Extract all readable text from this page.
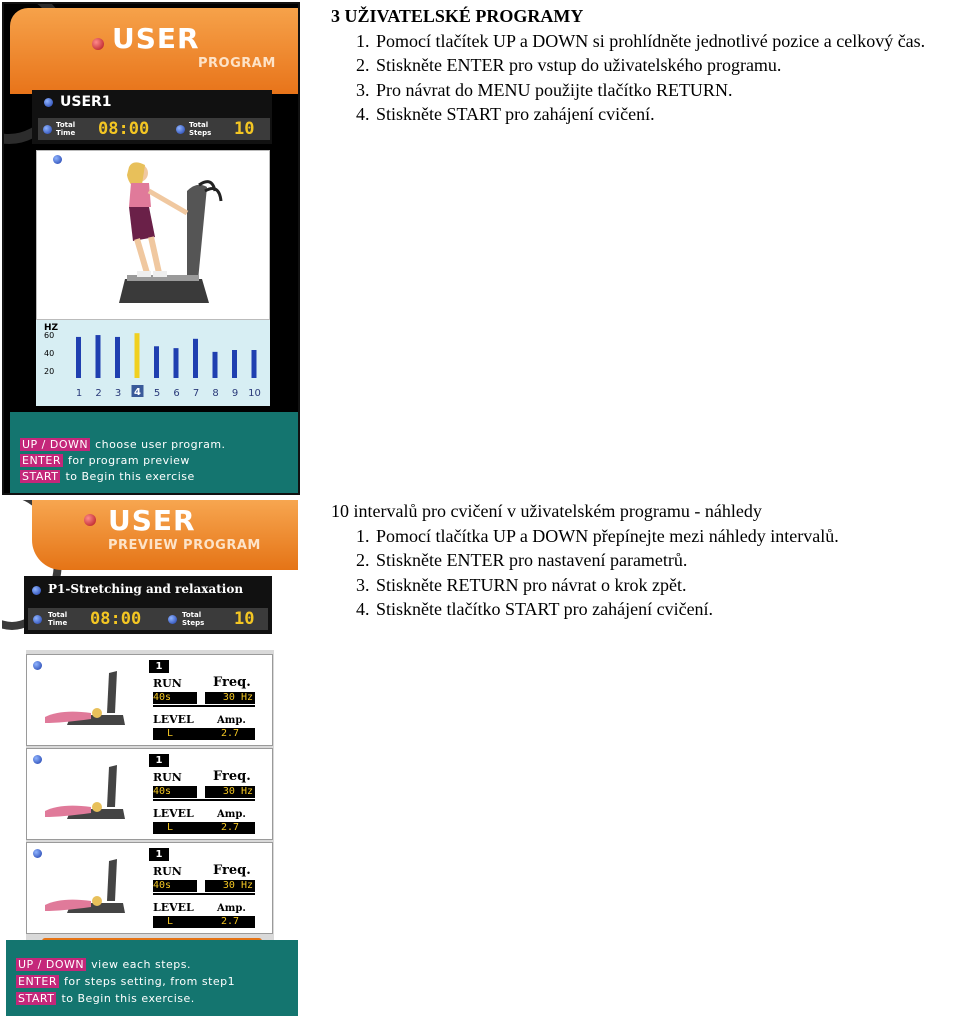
3 UŽIVATELSKÉ PROGRAMY
1. Pomocí tlačítek UP a DOWN si prohlídněte jednotlivé pozice a celkový čas.
2. Stiskněte ENTER pro vstup do uživatelského programu.
3. Pro návrat do MENU použijte tlačítko RETURN.
4. Stiskněte START pro zahájení cvičení.
10 intervalů pro cvičení v uživatelském programu - náhledy
1. Pomocí tlačítka UP a DOWN přepínejte mezi náhledy intervalů.
2. Stiskněte ENTER pro nastavení parametrů.
3. Stiskněte RETURN pro návrat o krok zpět.
4. Stiskněte tlačítko START pro zahájení cvičení.
USER
PROGRAM
USER1
Total Time	08:00	Total Steps	10
HZ
60
40
20
1 2 3 4 5 6 7 8 9 10
UP / DOWN choose user program.
ENTER for program preview
START to Begin this exercise
USER
PREVIEW PROGRAM
P1-Stretching and relaxation
Total Time	08:00	Total Steps	10
1
RUN Freq.
40s	30 Hz
LEVEL Amp.
L	2.7
1
RUN Freq.
40s	30 Hz
LEVEL Amp.
L	2.7
1
RUN Freq.
40s	30 Hz
LEVEL Amp.
L	2.7
UP / DOWN view each steps.
ENTER for steps setting, from step1
START to Begin this exercise.
